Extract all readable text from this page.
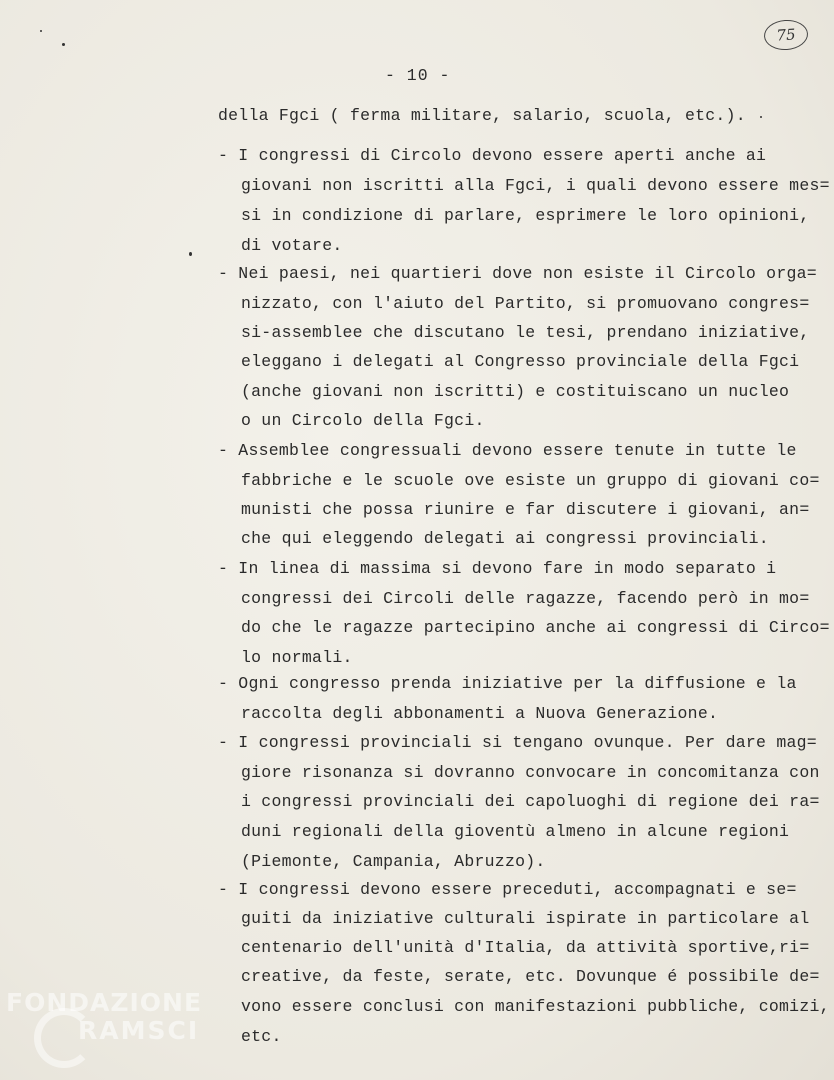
75
- 10 -
della Fgci ( ferma militare, salario, scuola, etc.).
- I congressi di Circolo devono essere aperti anche ai
giovani non iscritti alla Fgci, i quali devono essere mes=
si in condizione di parlare, esprimere le loro opinioni,
di votare.
- Nei paesi, nei quartieri dove non esiste il Circolo orga=
nizzato, con l'aiuto del Partito, si promuovano congres=
si-assemblee che discutano le tesi, prendano iniziative,
eleggano i delegati al Congresso provinciale della Fgci
(anche giovani non iscritti) e costituiscano un nucleo
o un Circolo della Fgci.
- Assemblee congressuali devono essere tenute in tutte le
fabbriche e le scuole ove esiste un gruppo di giovani co=
munisti che possa riunire e far discutere i giovani, an=
che qui eleggendo delegati ai congressi provinciali.
- In linea di massima si devono fare in modo separato i
congressi dei Circoli delle ragazze, facendo però in mo=
do che le ragazze partecipino anche ai congressi di Circo=
lo normali.
- Ogni congresso prenda iniziative per la diffusione e la
raccolta degli abbonamenti a Nuova Generazione.
- I congressi provinciali si tengano ovunque. Per dare mag=
giore risonanza si dovranno convocare in concomitanza con
i congressi provinciali dei capoluoghi di regione dei ra=
duni regionali della gioventù almeno in alcune regioni
(Piemonte, Campania, Abruzzo).
- I congressi devono essere preceduti, accompagnati e se=
guiti da iniziative culturali ispirate in particolare al
centenario dell'unità d'Italia, da attività sportive,ri=
creative, da feste, serate, etc. Dovunque é possibile de=
vono essere conclusi con manifestazioni pubbliche, comizi,
etc.
FONDAZIONE
RAMSCI
